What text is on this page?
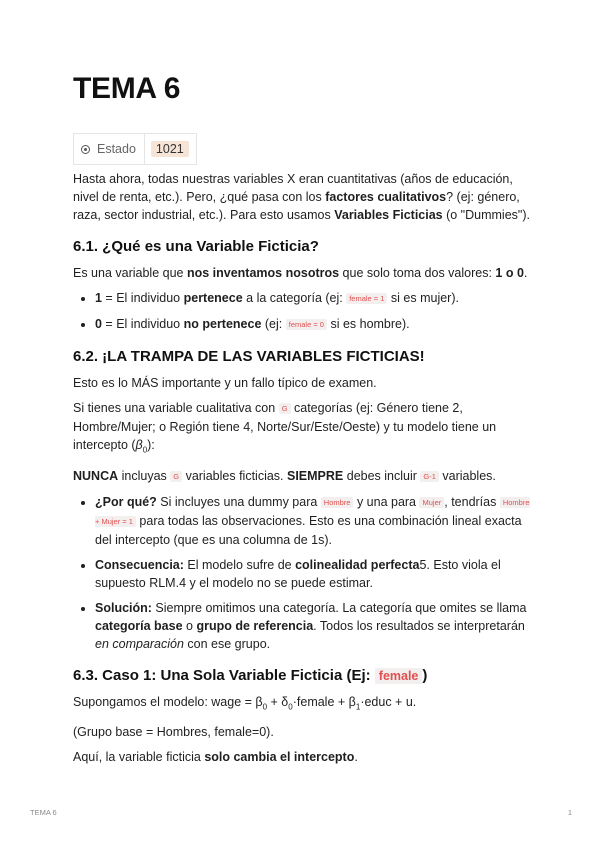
TEMA 6
Estado	1021

Hasta ahora, todas nuestras variables X eran cuantitativas (años de educación, nivel de renta, etc.). Pero, ¿qué pasa con los factores cualitativos? (ej: género, raza, sector industrial, etc.). Para esto usamos Variables Ficticias (o "Dummies").

6.1. ¿Qué es una Variable Ficticia?

Es una variable que nos inventamos nosotros que solo toma dos valores: 1 o 0.

• 1 = El individuo pertenece a la categoría (ej: female = 1 si es mujer).
• 0 = El individuo no pertenece (ej: female = 0 si es hombre).
6.2. ¡LA TRAMPA DE LAS VARIABLES FICTICIAS!

Esto es lo MÁS importante y un fallo típico de examen.

Si tienes una variable cualitativa con G categorías (ej: Género tiene 2, Hombre/Mujer; o Región tiene 4, Norte/Sur/Este/Oeste) y tu modelo tiene un intercepto $(\beta_0)$:

NUNCA incluyas G variables ficticias. SIEMPRE debes incluir G-1 variables.

• ¿Por qué? Si incluyes una dummy para Hombre y una para Mujer , tendrías Hombre + Mujer = 1 para todas las observaciones. Esto es una combinación lineal exacta del intercepto (que es una columna de 1s).
• Consecuencia: El modelo sufre de colinealidad perfecta5. Esto viola el supuesto RLM.4 y el modelo no se puede estimar.
• Solución: Siempre omitimos una categoría. La categoría que omites se llama categoría base o grupo de referencia. Todos los resultados se interpretarán en comparación con ese grupo.
6.3. Caso 1: Una Sola Variable Ficticia (Ej: female )

Supongamos el modelo: wage = $\beta_0$ + $\delta_0\cdot female$ + $\beta_1\cdot educ + u$.

(Grupo base = Hombres, female=0).

Aquí, la variable ficticia solo cambia el intercepto.

TEMA 6	1
